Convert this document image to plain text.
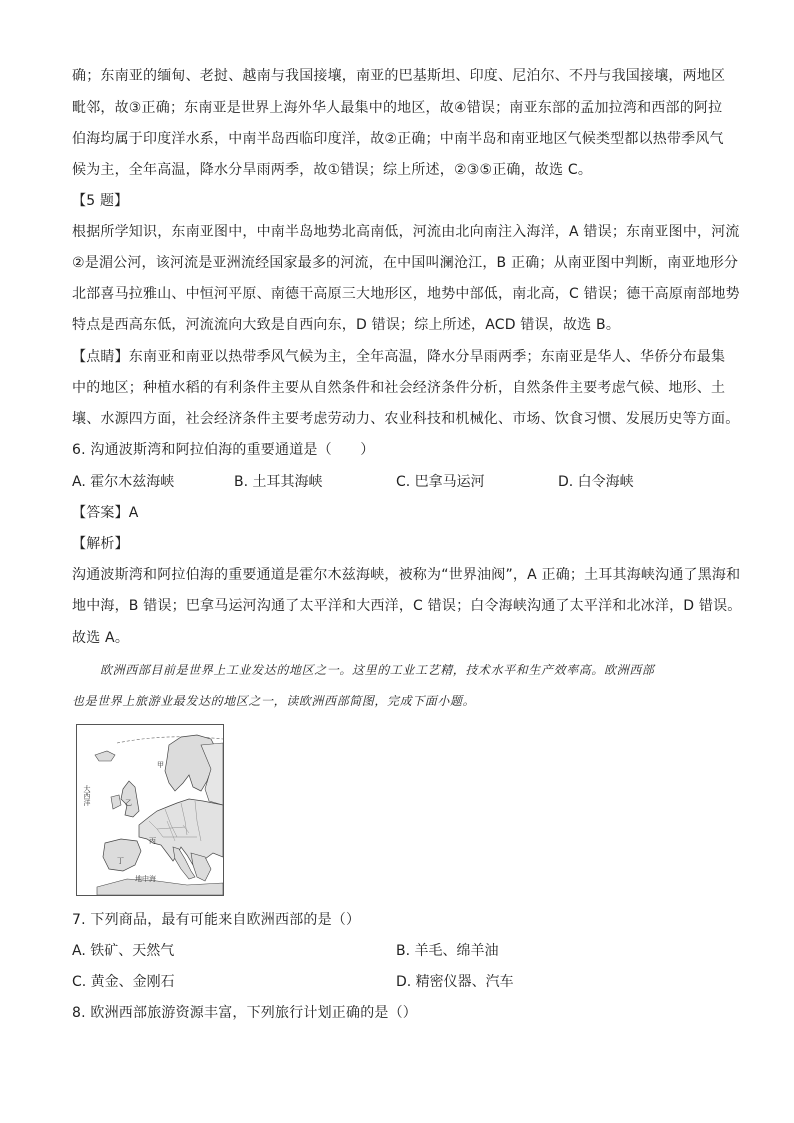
确；东南亚的缅甸、老挝、越南与我国接壤，南亚的巴基斯坦、印度、尼泊尔、不丹与我国接壤，两地区
毗邻，故③正确；东南亚是世界上海外华人最集中的地区，故④错误；南亚东部的孟加拉湾和西部的阿拉
伯海均属于印度洋水系，中南半岛西临印度洋，故②正确；中南半岛和南亚地区气候类型都以热带季风气
候为主，全年高温，降水分旱雨两季，故①错误；综上所述，②③⑤正确，故选 C。
【5 题】
根据所学知识，东南亚图中，中南半岛地势北高南低，河流由北向南注入海洋，A 错误；东南亚图中，河流
②是湄公河，该河流是亚洲流经国家最多的河流，在中国叫澜沧江，B 正确；从南亚图中判断，南亚地形分
北部喜马拉雅山、中恒河平原、南德干高原三大地形区，地势中部低，南北高，C 错误；德干高原南部地势
特点是西高东低，河流流向大致是自西向东，D 错误；综上所述，ACD 错误，故选 B。
【点睛】东南亚和南亚以热带季风气候为主，全年高温，降水分旱雨两季；东南亚是华人、华侨分布最集
中的地区；种植水稻的有利条件主要从自然条件和社会经济条件分析，自然条件主要考虑气候、地形、土
壤、水源四方面，社会经济条件主要考虑劳动力、农业科技和机械化、市场、饮食习惯、发展历史等方面。
6. 沟通波斯湾和阿拉伯海的重要通道是（　　）
A. 霍尔木兹海峡	B. 土耳其海峡	C. 巴拿马运河	D. 白令海峡
【答案】A
【解析】
沟通波斯湾和阿拉伯海的重要通道是霍尔木兹海峡，被称为“世界油阀”，A 正确；土耳其海峡沟通了黑海和
地中海，B 错误；巴拿马运河沟通了太平洋和大西洋，C 错误；白令海峡沟通了太平洋和北冰洋，D 错误。
故选 A。
欧洲西部目前是世界上工业发达的地区之一。这里的工业工艺精，技术水平和生产效率高。欧洲西部
也是世界上旅游业最发达的地区之一，读欧洲西部简图，完成下面小题。
大西洋
地中海
甲
乙
丙
丁
7. 下列商品，最有可能来自欧洲西部的是（）
A. 铁矿、天然气	B. 羊毛、绵羊油
C. 黄金、金刚石	D. 精密仪器、汽车
8. 欧洲西部旅游资源丰富，下列旅行计划正确的是（）
